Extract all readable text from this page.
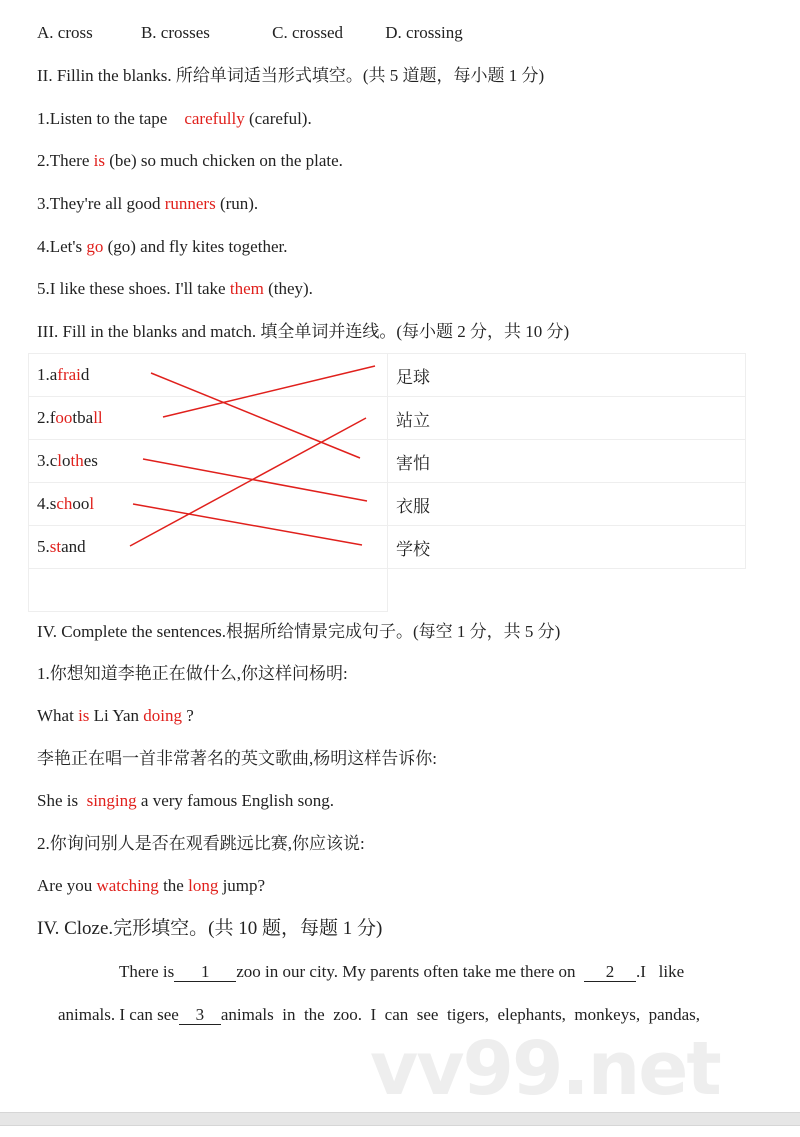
vv99.net
A. cross	B. crosses	C. crossed D. crossing
II. Fillin the blanks. 所给单词适当形式填空。(共 5 道题，每小题 1 分)
1.Listen to the tape    carefully (careful).
2.There is (be) so much chicken on the plate.
3.They're all good runners (run).
4.Let's go (go) and fly kites together.
5.I like these shoes. I'll take them (they).
III. Fill in the blanks and match. 填全单词并连线。(每小题 2 分，共 10 分)
1.afraid	足球
2.football	站立
3.clothes	害怕
4.school	衣服
5.stand	学校

IV. Complete the sentences.根据所给情景完成句子。(每空 1 分，共 5 分)
1.你想知道李艳正在做什么,你这样问杨明:
What is Li Yan doing ?
李艳正在唱一首非常著名的英文歌曲,杨明这样告诉你:
She is  singing a very famous English song.
2.你询问别人是否在观看跳远比赛,你应该说:
Are you watching the long jump?
IV. Cloze.完形填空。(共 10 题，每题 1 分)
There is 1 zoo in our city. My parents often take me there on  2 .I   like
animals. I can see 3 animals  in  the  zoo.  I  can  see  tigers,  elephants,  monkeys,  pandas,
